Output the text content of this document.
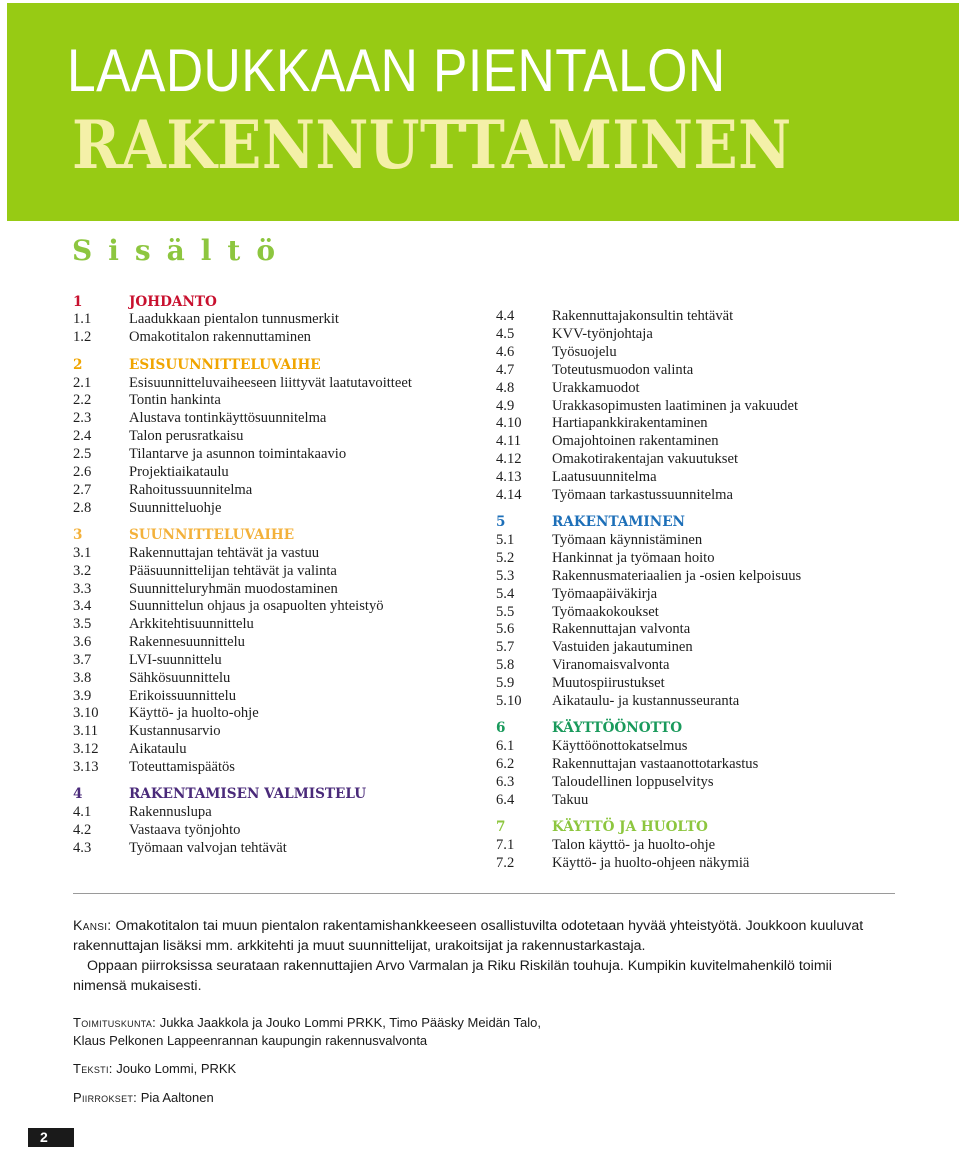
LAADUKKAAN PIENTALON
RAKENNUTTAMINEN
Sisältö
1	JOHDANTO
1.1	Laadukkaan pientalon tunnusmerkit
1.2	Omakotitalon rakennuttaminen
2	ESISUUNNITTELUVAIHE
2.1	Esisuunnitteluvaiheeseen liittyvät laatutavoitteet
2.2	Tontin hankinta
2.3	Alustava tontinkäyttösuunnitelma
2.4	Talon perusratkaisu
2.5	Tilantarve ja asunnon toimintakaavio
2.6	Projektiaikataulu
2.7	Rahoitussuunnitelma
2.8	Suunnitteluohje
3	SUUNNITTELUVAIHE
3.1	Rakennuttajan tehtävät ja vastuu
3.2	Pääsuunnittelijan tehtävät ja valinta
3.3	Suunnitteluryhmän muodostaminen
3.4	Suunnittelun ohjaus ja osapuolten yhteistyö
3.5	Arkkitehtisuunnittelu
3.6	Rakennesuunnittelu
3.7	LVI-suunnittelu
3.8	Sähkösuunnittelu
3.9	Erikoissuunnittelu
3.10	Käyttö- ja huolto-ohje
3.11	Kustannusarvio
3.12	Aikataulu
3.13	Toteuttamispäätös
4	RAKENTAMISEN VALMISTELU
4.1	Rakennuslupa
4.2	Vastaava työnjohto
4.3	Työmaan valvojan tehtävät
4.4	Rakennuttajakonsultin tehtävät
4.5	KVV-työnjohtaja
4.6	Työsuojelu
4.7	Toteutusmuodon valinta
4.8	Urakkamuodot
4.9	Urakkasopimusten laatiminen ja vakuudet
4.10	Hartiapankkirakentaminen
4.11	Omajohtoinen rakentaminen
4.12	Omakotirakentajan vakuutukset
4.13	Laatusuunnitelma
4.14	Työmaan tarkastussuunnitelma
5	RAKENTAMINEN
5.1	Työmaan käynnistäminen
5.2	Hankinnat ja työmaan hoito
5.3	Rakennusmateriaalien ja -osien kelpoisuus
5.4	Työmaapäiväkirja
5.5	Työmaakokoukset
5.6	Rakennuttajan valvonta
5.7	Vastuiden jakautuminen
5.8	Viranomaisvalvonta
5.9	Muutospiirustukset
5.10	Aikataulu- ja kustannusseuranta
6	KÄYTTÖÖNOTTO
6.1	Käyttöönottokatselmus
6.2	Rakennuttajan vastaanottotarkastus
6.3	Taloudellinen loppuselvitys
6.4	Takuu
7	KÄYTTÖ JA HUOLTO
7.1	Talon käyttö- ja huolto-ohje
7.2	Käyttö- ja huolto-ohjeen näkymiä

Kansi: Omakotitalon tai muun pientalon rakentamishankkeeseen osallistuvilta odotetaan hyvää yhteistyötä. Joukkoon kuuluvat rakennuttajan lisäksi mm. arkkitehti ja muut suunnittelijat, urakoitsijat ja rakennustarkastaja.

Oppaan piirroksissa seurataan rakennuttajien Arvo Varmalan ja Riku Riskilän touhuja. Kumpikin kuvitelmahenkilö toimii nimensä mukaisesti.

Toimituskunta: Jukka Jaakkola ja Jouko Lommi PRKK, Timo Pääsky Meidän Talo,
Klaus Pelkonen Lappeenrannan kaupungin rakennusvalvonta
Teksti: Jouko Lommi, PRKK
Piirrokset: Pia Aaltonen
2
